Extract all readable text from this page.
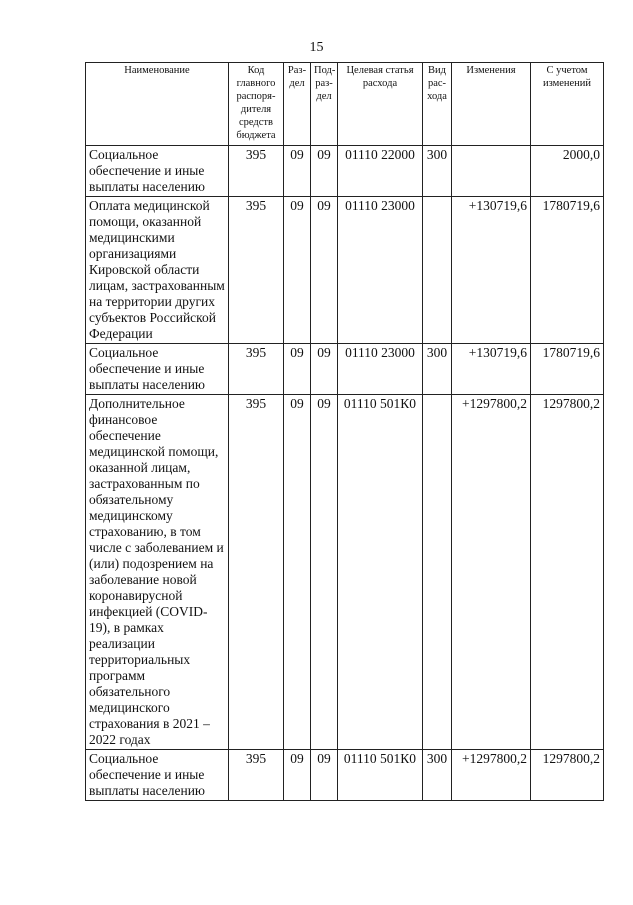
15
Наименование	Код главного распоря-дителя средств бюджета	Раз-дел	Под-раз-дел	Целевая статья расхода	Вид рас-хода	Изменения	С учетом изменений
Социальное обеспечение и иные выплаты населению	395	09	09	01110 22000	300		2000,0
Оплата медицинской помощи, оказанной медицинскими организациями Кировской области лицам, застрахованным на территории других субъектов Российской Федерации	395	09	09	01110 23000		+130719,6	1780719,6
Социальное обеспечение и иные выплаты населению	395	09	09	01110 23000	300	+130719,6	1780719,6
Дополнительное финансовое обеспечение медицинской помощи, оказанной лицам, застрахованным по обязательному медицинскому страхованию, в том числе с заболеванием и (или) подозрением на заболевание новой коронавирусной инфекцией (COVID-19), в рамках реализации территориальных программ обязательного медицинского страхования в 2021 – 2022 годах	395	09	09	01110 501К0		+1297800,2	1297800,2
Социальное обеспечение и иные выплаты населению	395	09	09	01110 501К0	300	+1297800,2	1297800,2
